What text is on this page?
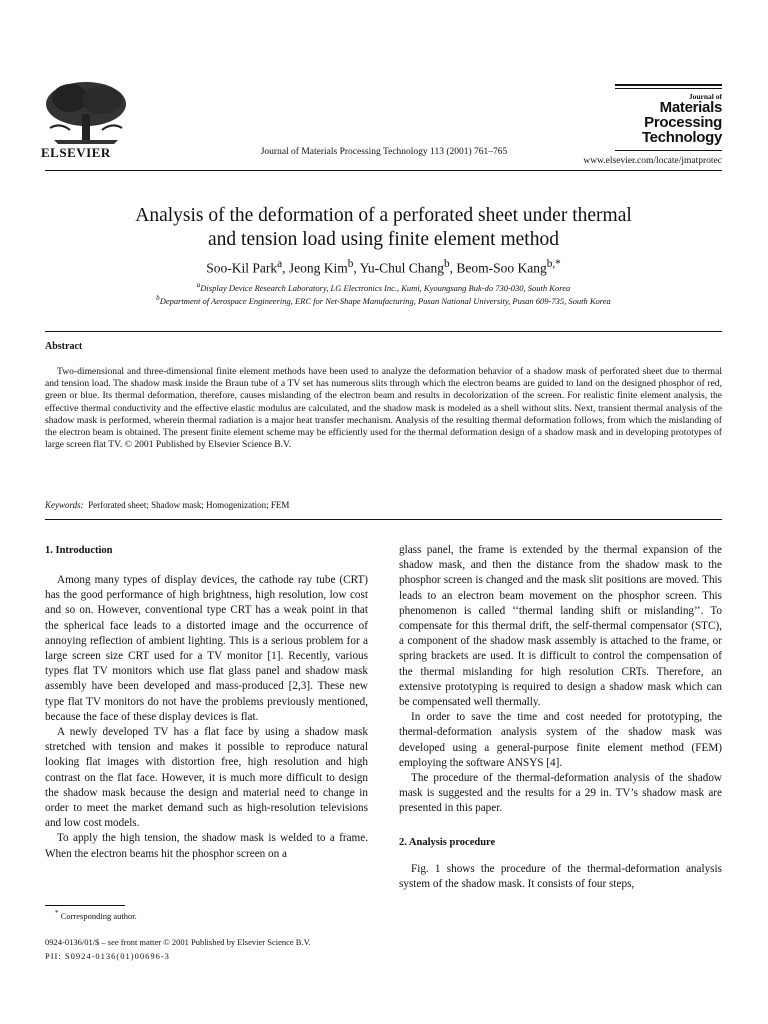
ELSEVIER	Journal of Materials Processing Technology 113 (2001) 761–765
Journal of
Materials
Processing
Technology
www.elsevier.com/locate/jmatprotec
Analysis of the deformation of a perforated sheet under thermal
and tension load using finite element method
Soo-Kil Park$^a$, Jeong Kim$^b$, Yu-Chul Chang$^b$, Beom-Soo Kang$^{b,*}$
$^a$Display Device Research Laboratory, LG Electronics Inc., Kumi, Kyoungsang Buk-do 730-030, South Korea
$^b$Department of Aerospace Engineering, ERC for Net-Shape Manufacturing, Pusan National University, Pusan 609-735, South Korea
Abstract
Two-dimensional and three-dimensional finite element methods have been used to analyze the deformation behavior of a shadow mask of perforated sheet due to thermal and tension load. The shadow mask inside the Braun tube of a TV set has numerous slits through which the electron beams are guided to land on the designed phosphor of red, green or blue. Its thermal deformation, therefore, causes mislanding of the electron beam and results in decolorization of the screen. For realistic finite element analysis, the effective thermal conductivity and the effective elastic modulus are calculated, and the shadow mask is modeled as a shell without slits. Next, transient thermal analysis of the shadow mask is performed, wherein thermal radiation is a major heat transfer mechanism. Analysis of the resulting thermal deformation follows, from which the mislanding of the electron beam is obtained. The present finite element scheme may be efficiently used for the thermal deformation design of a shadow mask and in developing prototypes of large screen flat TV. © 2001 Published by Elsevier Science B.V.
Keywords: Perforated sheet; Shadow mask; Homogenization; FEM
1. Introduction

Among many types of display devices, the cathode ray tube (CRT) has the good performance of high brightness, high resolution, low cost and so on. However, conventional type CRT has a weak point in that the spherical face leads to a distorted image and the occurrence of annoying reflection of ambient lighting. This is a serious problem for a large screen size CRT used for a TV monitor [1]. Recently, various types flat TV monitors which use flat glass panel and shadow mask assembly have been developed and mass-produced [2,3]. These new type flat TV monitors do not have the problems previously mentioned, because the face of these display devices is flat.

A newly developed TV has a flat face by using a shadow mask stretched with tension and makes it possible to reproduce natural looking flat images with distortion free, high resolution and high contrast on the flat face. However, it is much more difficult to design the shadow mask because the design and material need to change in order to meet the market demand such as high-resolution televisions and low cost models.

To apply the high tension, the shadow mask is welded to a frame. When the electron beams hit the phosphor screen on a

glass panel, the frame is extended by the thermal expansion of the shadow mask, and then the distance from the shadow mask to the phosphor screen is changed and the mask slit positions are moved. This leads to an electron beam movement on the phosphor screen. This phenomenon is called ‘‘thermal landing shift or mislanding’’. To compensate for this thermal drift, the self-thermal compensator (STC), a component of the shadow mask assembly is attached to the frame, or spring brackets are used. It is difficult to control the compensation of the thermal mislanding for high resolution CRTs. Therefore, an extensive prototyping is required to design a shadow mask which can be compensated well thermally.

In order to save the time and cost needed for prototyping, the thermal-deformation analysis system of the shadow mask was developed using a general-purpose finite element method (FEM) employing the software ANSYS [4].

The procedure of the thermal-deformation analysis of the shadow mask is suggested and the results for a 29 in. TV’s shadow mask are presented in this paper.

2. Analysis procedure

Fig. 1 shows the procedure of the thermal-deformation analysis system of the shadow mask. It consists of four steps,

* Corresponding author.
0924-0136/01/$ – see front matter © 2001 Published by Elsevier Science B.V.
PII: S0924-0136(01)00696-3
